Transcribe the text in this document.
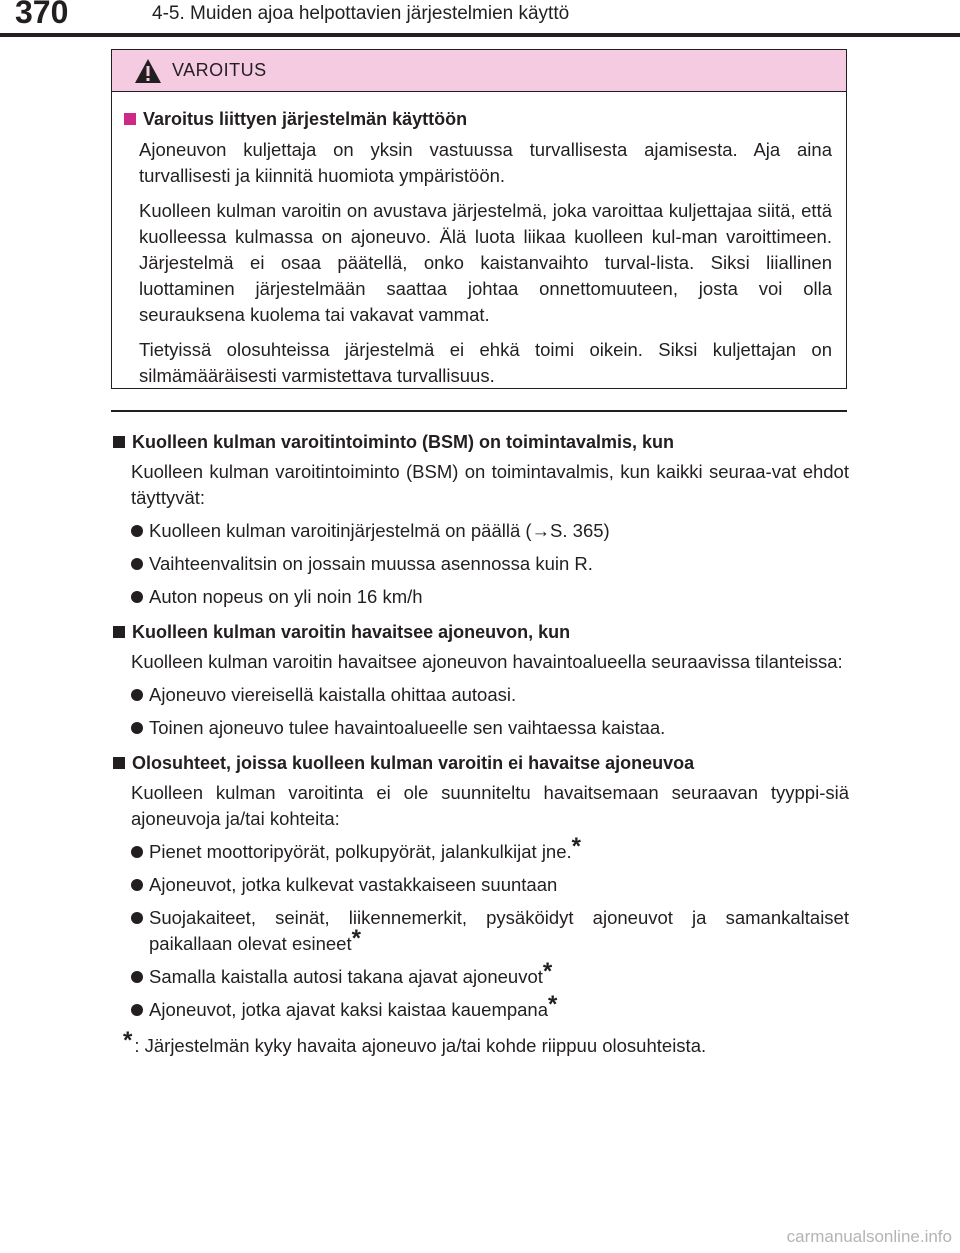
370	4-5. Muiden ajoa helpottavien järjestelmien käyttö
VAROITUS
Varoitus liittyen järjestelmän käyttöön

Ajoneuvon kuljettaja on yksin vastuussa turvallisesta ajamisesta. Aja aina turvallisesti ja kiinnitä huomiota ympäristöön.

Kuolleen kulman varoitin on avustava järjestelmä, joka varoittaa kuljettajaa siitä, että kuolleessa kulmassa on ajoneuvo. Älä luota liikaa kuolleen kul-man varoittimeen. Järjestelmä ei osaa päätellä, onko kaistanvaihto turval-lista. Siksi liiallinen luottaminen järjestelmään saattaa johtaa onnettomuuteen, josta voi olla seurauksena kuolema tai vakavat vammat.

Tietyissä olosuhteissa järjestelmä ei ehkä toimi oikein. Siksi kuljettajan on silmämääräisesti varmistettava turvallisuus.

Kuolleen kulman varoitintoiminto (BSM) on toimintavalmis, kun

Kuolleen kulman varoitintoiminto (BSM) on toimintavalmis, kun kaikki seuraa-vat ehdot täyttyvät:

Kuolleen kulman varoitinjärjestelmä on päällä (→S. 365)
Vaihteenvalitsin on jossain muussa asennossa kuin R.
Auton nopeus on yli noin 16 km/h
Kuolleen kulman varoitin havaitsee ajoneuvon, kun

Kuolleen kulman varoitin havaitsee ajoneuvon havaintoalueella seuraavissa tilanteissa:

Ajoneuvo viereisellä kaistalla ohittaa autoasi.
Toinen ajoneuvo tulee havaintoalueelle sen vaihtaessa kaistaa.
Olosuhteet, joissa kuolleen kulman varoitin ei havaitse ajoneuvoa

Kuolleen kulman varoitinta ei ole suunniteltu havaitsemaan seuraavan tyyppi-siä ajoneuvoja ja/tai kohteita:

Pienet moottoripyörät, polkupyörät, jalankulkijat jne.*
Ajoneuvot, jotka kulkevat vastakkaiseen suuntaan
Suojakaiteet, seinät, liikennemerkit, pysäköidyt ajoneuvot ja samankaltaiset paikallaan olevat esineet*
Samalla kaistalla autosi takana ajavat ajoneuvot*
Ajoneuvot, jotka ajavat kaksi kaistaa kauempana*
* : Järjestelmän kyky havaita ajoneuvo ja/tai kohde riippuu olosuhteista.
carmanualsonline.info
